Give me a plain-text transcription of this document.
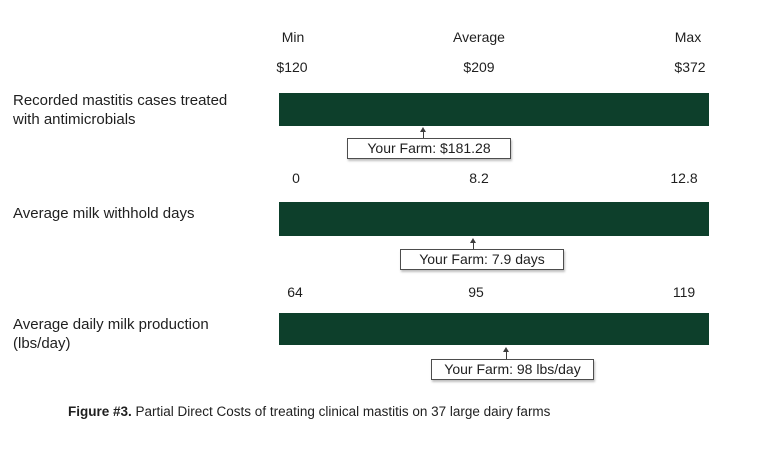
Min	Average	Max
$120	$209	$372
Recorded mastitis cases treated
with antimicrobials
Your Farm: $181.28
0	8.2	12.8
Average milk withhold days
Your Farm: 7.9 days
64	95	119
Average daily milk production
(lbs/day)
Your Farm: 98 lbs/day
Figure #3. Partial Direct Costs of treating clinical mastitis on 37 large dairy farms
